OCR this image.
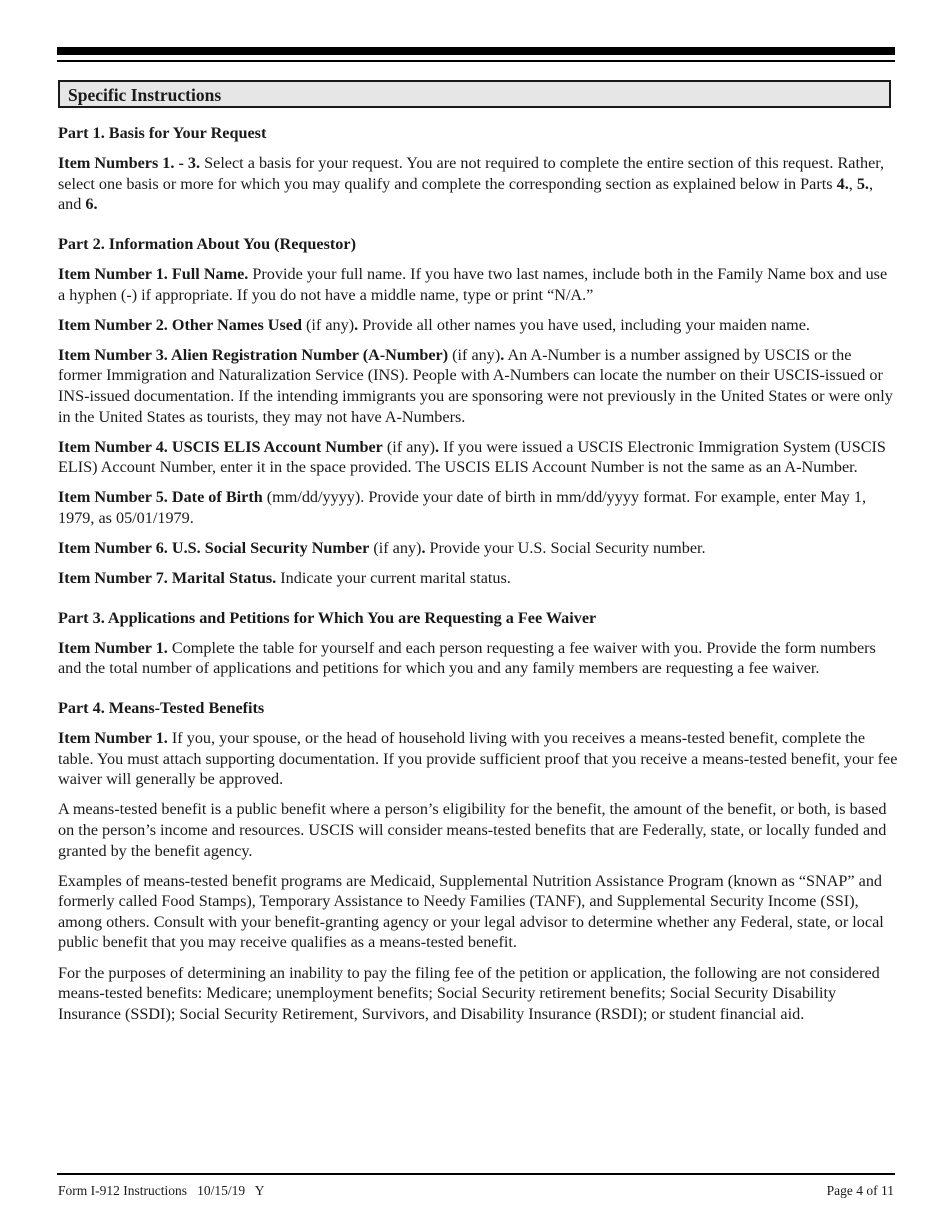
Specific Instructions
Part 1. Basis for Your Request

Item Numbers 1. - 3. Select a basis for your request. You are not required to complete the entire section of this request. Rather, select one basis or more for which you may qualify and complete the corresponding section as explained below in Parts 4., 5., and 6.

Part 2. Information About You (Requestor)

Item Number 1. Full Name. Provide your full name. If you have two last names, include both in the Family Name box and use a hyphen (-) if appropriate. If you do not have a middle name, type or print “N/A.”

Item Number 2. Other Names Used (if any). Provide all other names you have used, including your maiden name.

Item Number 3. Alien Registration Number (A-Number) (if any). An A-Number is a number assigned by USCIS or the former Immigration and Naturalization Service (INS). People with A-Numbers can locate the number on their USCIS-issued or INS-issued documentation. If the intending immigrants you are sponsoring were not previously in the United States or were only in the United States as tourists, they may not have A-Numbers.

Item Number 4. USCIS ELIS Account Number (if any). If you were issued a USCIS Electronic Immigration System (USCIS ELIS) Account Number, enter it in the space provided. The USCIS ELIS Account Number is not the same as an A-Number.

Item Number 5. Date of Birth (mm/dd/yyyy). Provide your date of birth in mm/dd/yyyy format. For example, enter May 1, 1979, as 05/01/1979.

Item Number 6. U.S. Social Security Number (if any). Provide your U.S. Social Security number.

Item Number 7. Marital Status. Indicate your current marital status.

Part 3. Applications and Petitions for Which You are Requesting a Fee Waiver

Item Number 1. Complete the table for yourself and each person requesting a fee waiver with you. Provide the form numbers and the total number of applications and petitions for which you and any family members are requesting a fee waiver.

Part 4. Means-Tested Benefits

Item Number 1. If you, your spouse, or the head of household living with you receives a means-tested benefit, complete the table. You must attach supporting documentation. If you provide sufficient proof that you receive a means-tested benefit, your fee waiver will generally be approved.

A means-tested benefit is a public benefit where a person’s eligibility for the benefit, the amount of the benefit, or both, is based on the person’s income and resources. USCIS will consider means-tested benefits that are Federally, state, or locally funded and granted by the benefit agency.

Examples of means-tested benefit programs are Medicaid, Supplemental Nutrition Assistance Program (known as “SNAP” and formerly called Food Stamps), Temporary Assistance to Needy Families (TANF), and Supplemental Security Income (SSI), among others. Consult with your benefit-granting agency or your legal advisor to determine whether any Federal, state, or local public benefit that you may receive qualifies as a means-tested benefit.

For the purposes of determining an inability to pay the filing fee of the petition or application, the following are not considered means-tested benefits: Medicare; unemployment benefits; Social Security retirement benefits; Social Security Disability Insurance (SSDI); Social Security Retirement, Survivors, and Disability Insurance (RSDI); or student financial aid.

Form I-912 Instructions   10/15/19   Y	Page 4 of 11
